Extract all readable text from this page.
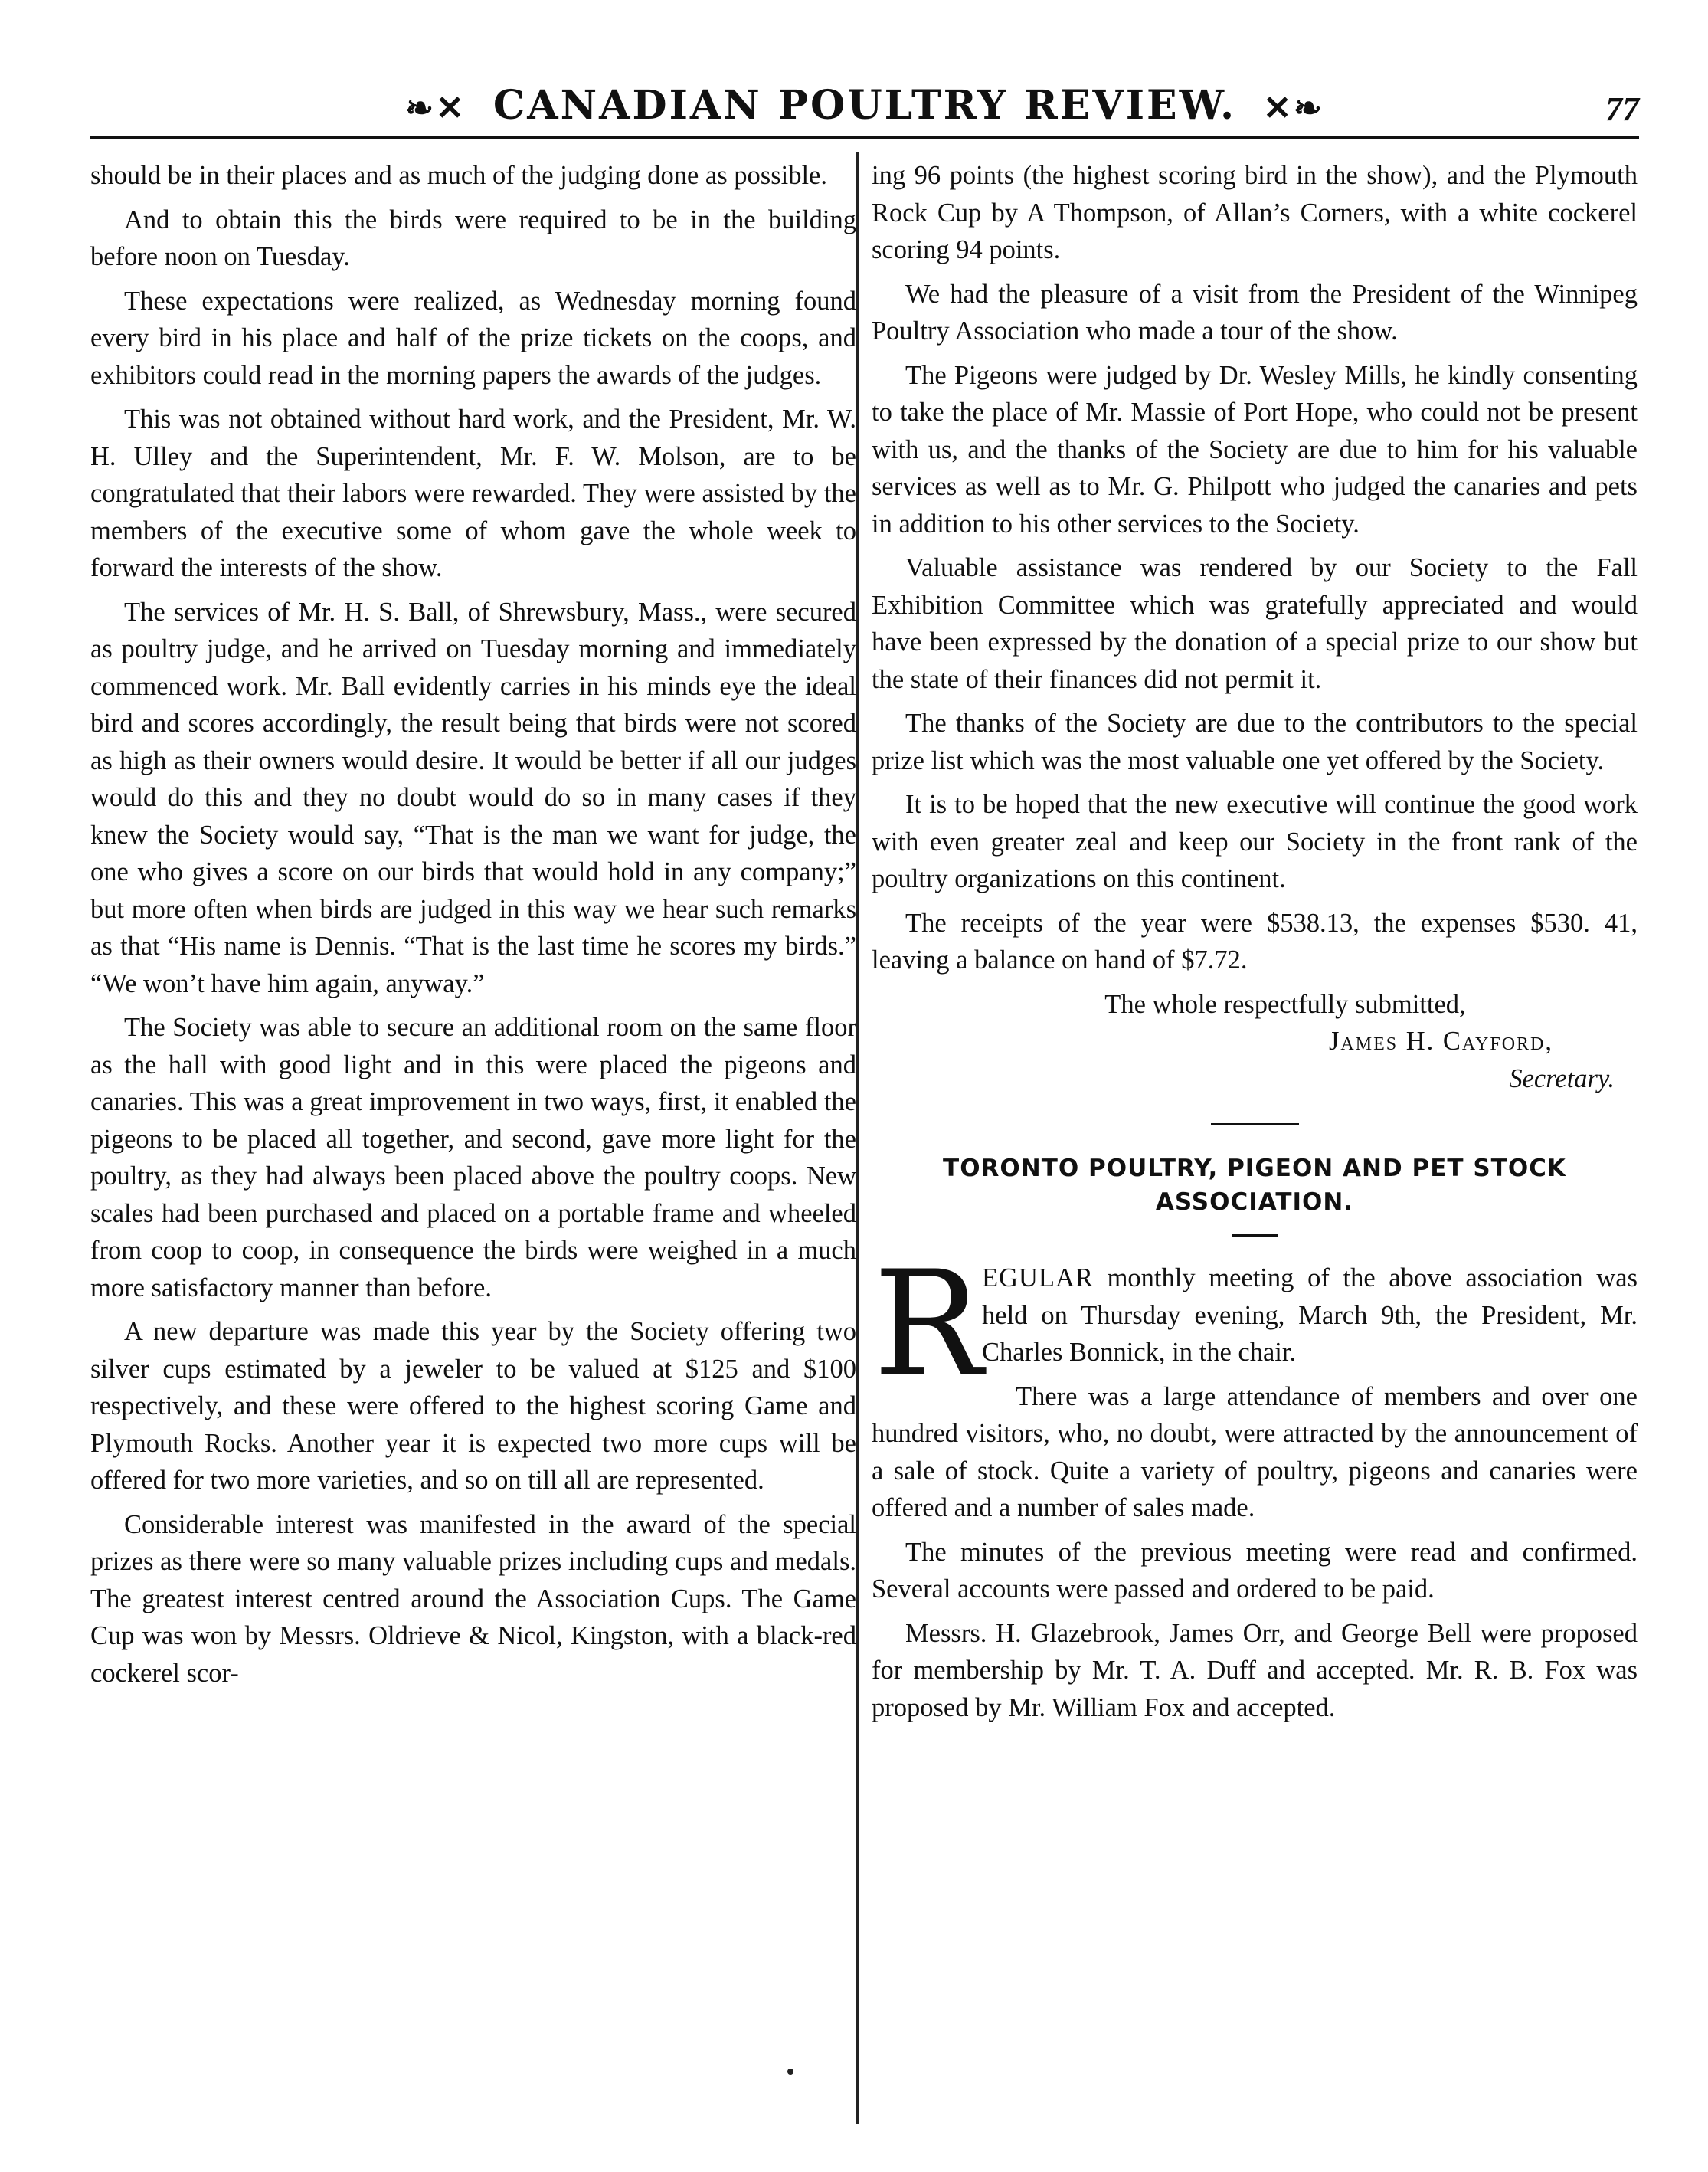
❧✕ CANADIAN POULTRY REVIEW. ✕❧	77

should be in their places and as much of the judging done as possible.

And to obtain this the birds were required to be in the building before noon on Tuesday.

These expectations were realized, as Wednesday morning found every bird in his place and half of the prize tickets on the coops, and exhibitors could read in the morning papers the awards of the judges.

This was not obtained without hard work, and the President, Mr. W. H. Ulley and the Superintendent, Mr. F. W. Molson, are to be congratulated that their labors were rewarded. They were assisted by the members of the executive some of whom gave the whole week to forward the interests of the show.

The services of Mr. H. S. Ball, of Shrewsbury, Mass., were secured as poultry judge, and he arrived on Tuesday morning and immediately commenced work. Mr. Ball evidently carries in his minds eye the ideal bird and scores accordingly, the result being that birds were not scored as high as their owners would desire. It would be better if all our judges would do this and they no doubt would do so in many cases if they knew the Society would say, “That is the man we want for judge, the one who gives a score on our birds that would hold in any company;” but more often when birds are judged in this way we hear such remarks as that “His name is Dennis. “That is the last time he scores my birds.” “We won’t have him again, anyway.”

The Society was able to secure an additional room on the same floor as the hall with good light and in this were placed the pigeons and canaries. This was a great improvement in two ways, first, it enabled the pigeons to be placed all together, and second, gave more light for the poultry, as they had always been placed above the poultry coops. New scales had been purchased and placed on a portable frame and wheeled from coop to coop, in consequence the birds were weighed in a much more satisfactory manner than before.

A new departure was made this year by the Society offering two silver cups estimated by a jeweler to be valued at $125 and $100 respectively, and these were offered to the highest scoring Game and Plymouth Rocks. Another year it is expected two more cups will be offered for two more varieties, and so on till all are represented.

Considerable interest was manifested in the award of the special prizes as there were so many valuable prizes including cups and medals. The greatest interest centred around the Association Cups. The Game Cup was won by Messrs. Oldrieve & Nicol, Kingston, with a black-red cockerel scor-

ing 96 points (the highest scoring bird in the show), and the Plymouth Rock Cup by A Thompson, of Allan’s Corners, with a white cockerel scoring 94 points.

We had the pleasure of a visit from the President of the Winnipeg Poultry Association who made a tour of the show.

The Pigeons were judged by Dr. Wesley Mills, he kindly consenting to take the place of Mr. Massie of Port Hope, who could not be present with us, and the thanks of the Society are due to him for his valuable services as well as to Mr. G. Philpott who judged the canaries and pets in addition to his other services to the Society.

Valuable assistance was rendered by our Society to the Fall Exhibition Committee which was gratefully appreciated and would have been expressed by the donation of a special prize to our show but the state of their finances did not permit it.

The thanks of the Society are due to the contributors to the special prize list which was the most valuable one yet offered by the Society.

It is to be hoped that the new executive will continue the good work with even greater zeal and keep our Society in the front rank of the poultry organizations on this continent.

The receipts of the year were $538.13, the expenses $530. 41, leaving a balance on hand of $7.72.

The whole respectfully submitted,
James H. Cayford,
Secretary.
TORONTO POULTRY, PIGEON AND PET STOCK ASSOCIATION.

R
EGULAR monthly meeting of the above association was held on Thursday evening, March 9th, the President, Mr. Charles Bonnick, in the chair.

There was a large attendance of members and over one hundred visitors, who, no doubt, were attracted by the announcement of a sale of stock. Quite a variety of poultry, pigeons and canaries were offered and a number of sales made.

The minutes of the previous meeting were read and confirmed. Several accounts were passed and ordered to be paid.

Messrs. H. Glazebrook, James Orr, and George Bell were proposed for membership by Mr. T. A. Duff and accepted. Mr. R. B. Fox was proposed by Mr. William Fox and accepted.
